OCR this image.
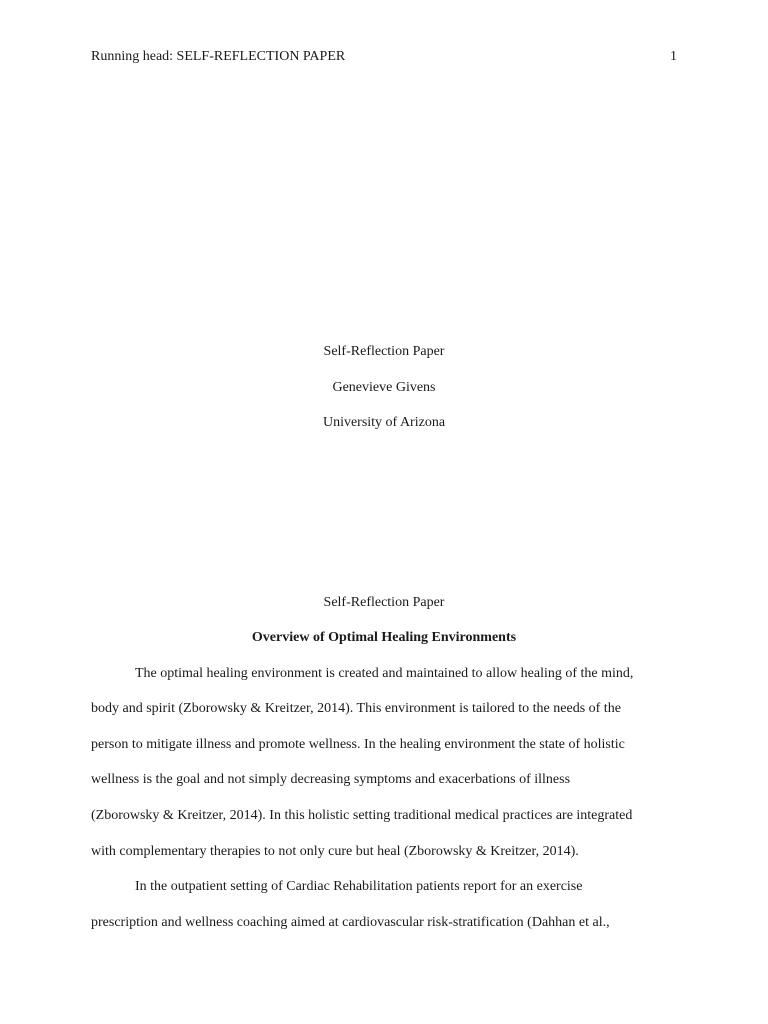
Running head: SELF-REFLECTION PAPER	1
Self-Reflection Paper
Genevieve Givens
University of Arizona
Self-Reflection Paper
Overview of Optimal Healing Environments
The optimal healing environment is created and maintained to allow healing of the mind,
body and spirit (Zborowsky & Kreitzer, 2014). This environment is tailored to the needs of the
person to mitigate illness and promote wellness. In the healing environment the state of holistic
wellness is the goal and not simply decreasing symptoms and exacerbations of illness
(Zborowsky & Kreitzer, 2014). In this holistic setting traditional medical practices are integrated
with complementary therapies to not only cure but heal (Zborowsky & Kreitzer, 2014).
In the outpatient setting of Cardiac Rehabilitation patients report for an exercise
prescription and wellness coaching aimed at cardiovascular risk-stratification (Dahhan et al.,
